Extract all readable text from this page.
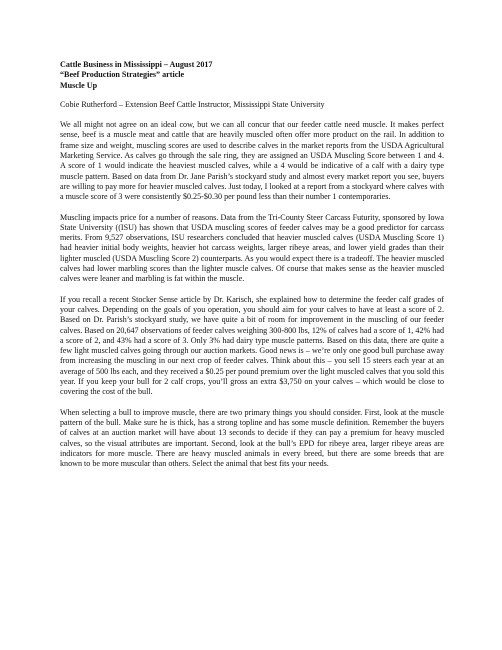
Cattle Business in Mississippi – August 2017

“Beef Production Strategies” article

Muscle Up

Cobie Rutherford – Extension Beef Cattle Instructor, Mississippi State University

We all might not agree on an ideal cow, but we can all concur that our feeder cattle need muscle. It makes perfect sense, beef is a muscle meat and cattle that are heavily muscled often offer more product on the rail. In addition to frame size and weight, muscling scores are used to describe calves in the market reports from the USDA Agricultural Marketing Service. As calves go through the sale ring, they are assigned an USDA Muscling Score between 1 and 4. A score of 1 would indicate the heaviest muscled calves, while a 4 would be indicative of a calf with a dairy type muscle pattern. Based on data from Dr. Jane Parish’s stockyard study and almost every market report you see, buyers are willing to pay more for heavier muscled calves. Just today, I looked at a report from a stockyard where calves with a muscle score of 3 were consistently $0.25-$0.30 per pound less than their number 1 contemporaries.

Muscling impacts price for a number of reasons. Data from the Tri-County Steer Carcass Futurity, sponsored by Iowa State University ((ISU) has shown that USDA muscling scores of feeder calves may be a good predictor for carcass merits. From 9,527 observations, ISU researchers concluded that heavier muscled calves (USDA Muscling Score 1) had heavier initial body weights, heavier hot carcass weights, larger ribeye areas, and lower yield grades than their lighter muscled (USDA Muscling Score 2) counterparts. As you would expect there is a tradeoff. The heavier muscled calves had lower marbling scores than the lighter muscle calves. Of course that makes sense as the heavier muscled calves were leaner and marbling is fat within the muscle.

If you recall a recent Stocker Sense article by Dr. Karisch, she explained how to determine the feeder calf grades of your calves. Depending on the goals of you operation, you should aim for your calves to have at least a score of 2. Based on Dr. Parish’s stockyard study, we have quite a bit of room for improvement in the muscling of our feeder calves. Based on 20,647 observations of feeder calves weighing 300-800 lbs, 12% of calves had a score of 1, 42% had a score of 2, and 43% had a score of 3. Only 3% had dairy type muscle patterns. Based on this data, there are quite a few light muscled calves going through our auction markets. Good news is – we’re only one good bull purchase away from increasing the muscling in our next crop of feeder calves. Think about this – you sell 15 steers each year at an average of 500 lbs each, and they received a $0.25 per pound premium over the light muscled calves that you sold this year. If you keep your bull for 2 calf crops, you’ll gross an extra $3,750 on your calves – which would be close to covering the cost of the bull.

When selecting a bull to improve muscle, there are two primary things you should consider. First, look at the muscle pattern of the bull. Make sure he is thick, has a strong topline and has some muscle definition. Remember the buyers of calves at an auction market will have about 13 seconds to decide if they can pay a premium for heavy muscled calves, so the visual attributes are important. Second, look at the bull’s EPD for ribeye area, larger ribeye areas are indicators for more muscle. There are heavy muscled animals in every breed, but there are some breeds that are known to be more muscular than others. Select the animal that best fits your needs.
